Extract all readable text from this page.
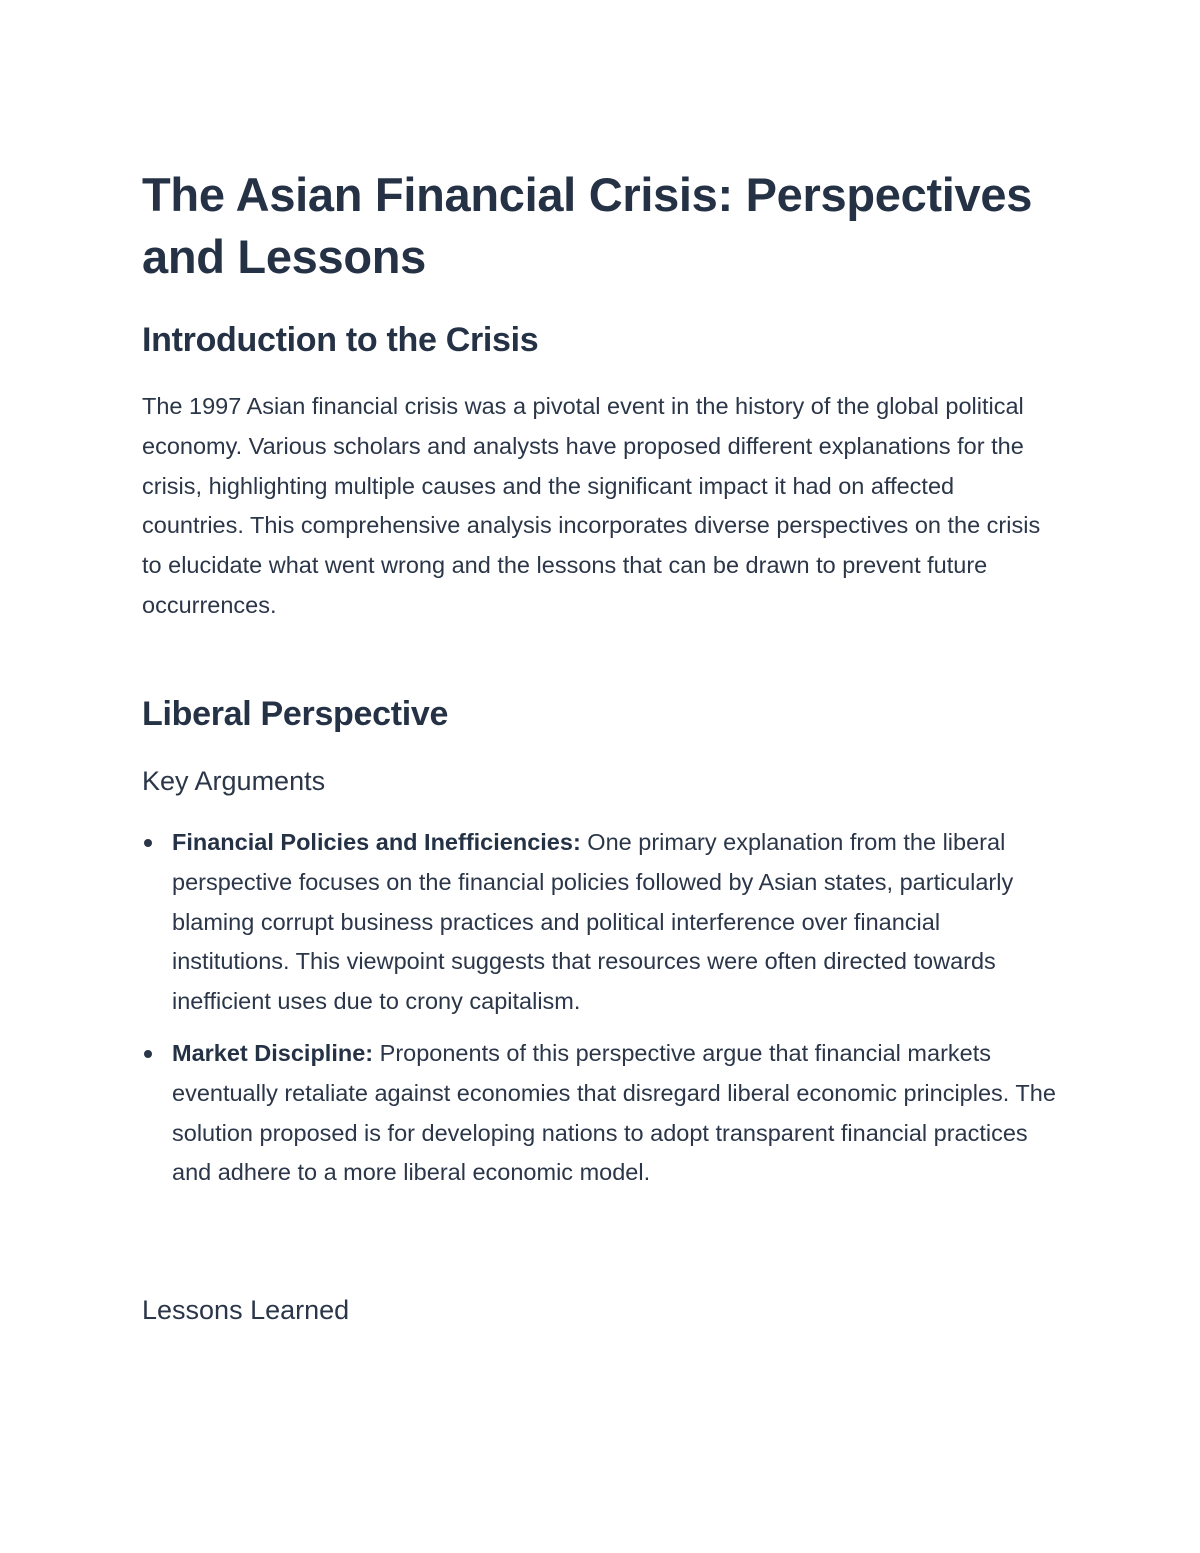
The Asian Financial Crisis: Perspectives and Lessons
Introduction to the Crisis

The 1997 Asian financial crisis was a pivotal event in the history of the global political economy. Various scholars and analysts have proposed different explanations for the crisis, highlighting multiple causes and the significant impact it had on affected countries. This comprehensive analysis incorporates diverse perspectives on the crisis to elucidate what went wrong and the lessons that can be drawn to prevent future occurrences.

Liberal Perspective
Key Arguments
Financial Policies and Inefficiencies: One primary explanation from the liberal perspective focuses on the financial policies followed by Asian states, particularly blaming corrupt business practices and political interference over financial institutions. This viewpoint suggests that resources were often directed towards inefficient uses due to crony capitalism.
Market Discipline: Proponents of this perspective argue that financial markets eventually retaliate against economies that disregard liberal economic principles. The solution proposed is for developing nations to adopt transparent financial practices and adhere to a more liberal economic model.
Lessons Learned
